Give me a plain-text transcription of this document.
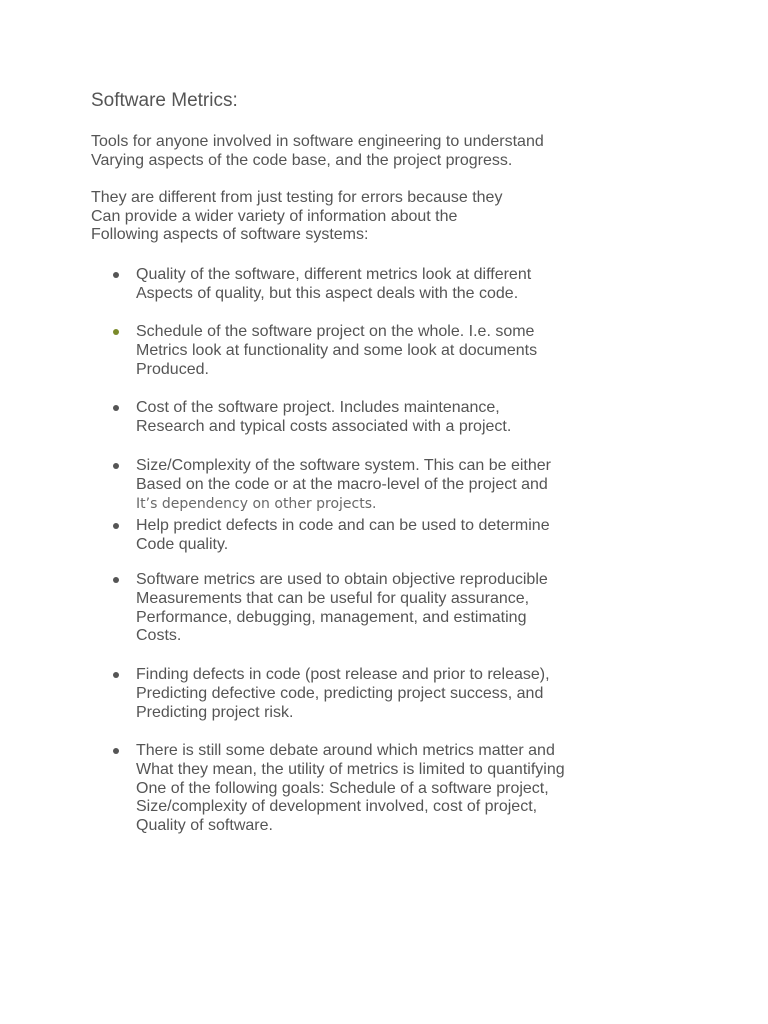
Software Metrics:

Tools for anyone involved in software engineering to understand
Varying aspects of the code base, and the project progress.

They are different from just testing for errors because they
Can provide a wider variety of information about the
Following aspects of software systems:

Quality of the software, different metrics look at different
Aspects of quality, but this aspect deals with the code.
Schedule of the software project on the whole. I.e. some
Metrics look at functionality and some look at documents
Produced.
Cost of the software project. Includes maintenance,
Research and typical costs associated with a project.
Size/Complexity of the software system. This can be either
Based on the code or at the macro-level of the project and
It’s dependency on other projects.
Help predict defects in code and can be used to determine
Code quality.
Software metrics are used to obtain objective reproducible
Measurements that can be useful for quality assurance,
Performance, debugging, management, and estimating
Costs.
Finding defects in code (post release and prior to release),
Predicting defective code, predicting project success, and
Predicting project risk.
There is still some debate around which metrics matter and
What they mean, the utility of metrics is limited to quantifying
One of the following goals: Schedule of a software project,
Size/complexity of development involved, cost of project,
Quality of software.
